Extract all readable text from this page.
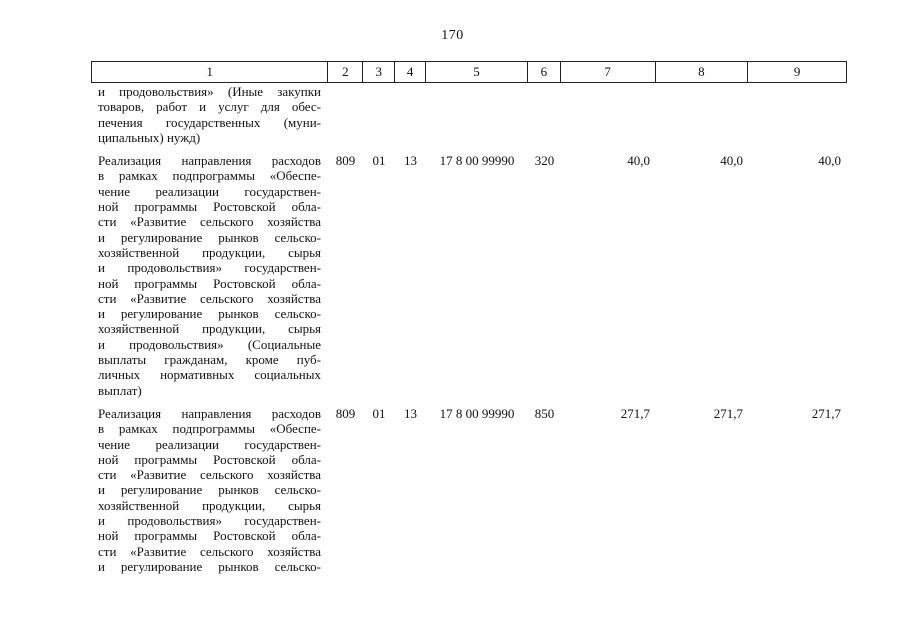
170
1	2	3	4	5	6	7	8	9
и продовольствия» (Иные закупки
товаров, работ и услуг для обес-
печения государственных (муни-
ципальных) нужд)
Реализация направления расходов
в рамках подпрограммы «Обеспе-
чение реализации государствен-
ной программы Ростовской обла-
сти «Развитие сельского хозяйства
и регулирование рынков сельско-
хозяйственной продукции, сырья
и продовольствия» государствен-
ной программы Ростовской обла-
сти «Развитие сельского хозяйства
и регулирование рынков сельско-
хозяйственной продукции, сырья
и продовольствия» (Социальные
выплаты гражданам, кроме пуб-
личных нормативных социальных
выплат)
809	01	13	17 8 00 99990	320	40,0	40,0	40,0
Реализация направления расходов
в рамках подпрограммы «Обеспе-
чение реализации государствен-
ной программы Ростовской обла-
сти «Развитие сельского хозяйства
и регулирование рынков сельско-
хозяйственной продукции, сырья
и продовольствия» государствен-
ной программы Ростовской обла-
сти «Развитие сельского хозяйства
и регулирование рынков сельско-
809	01	13	17 8 00 99990	850	271,7	271,7	271,7
